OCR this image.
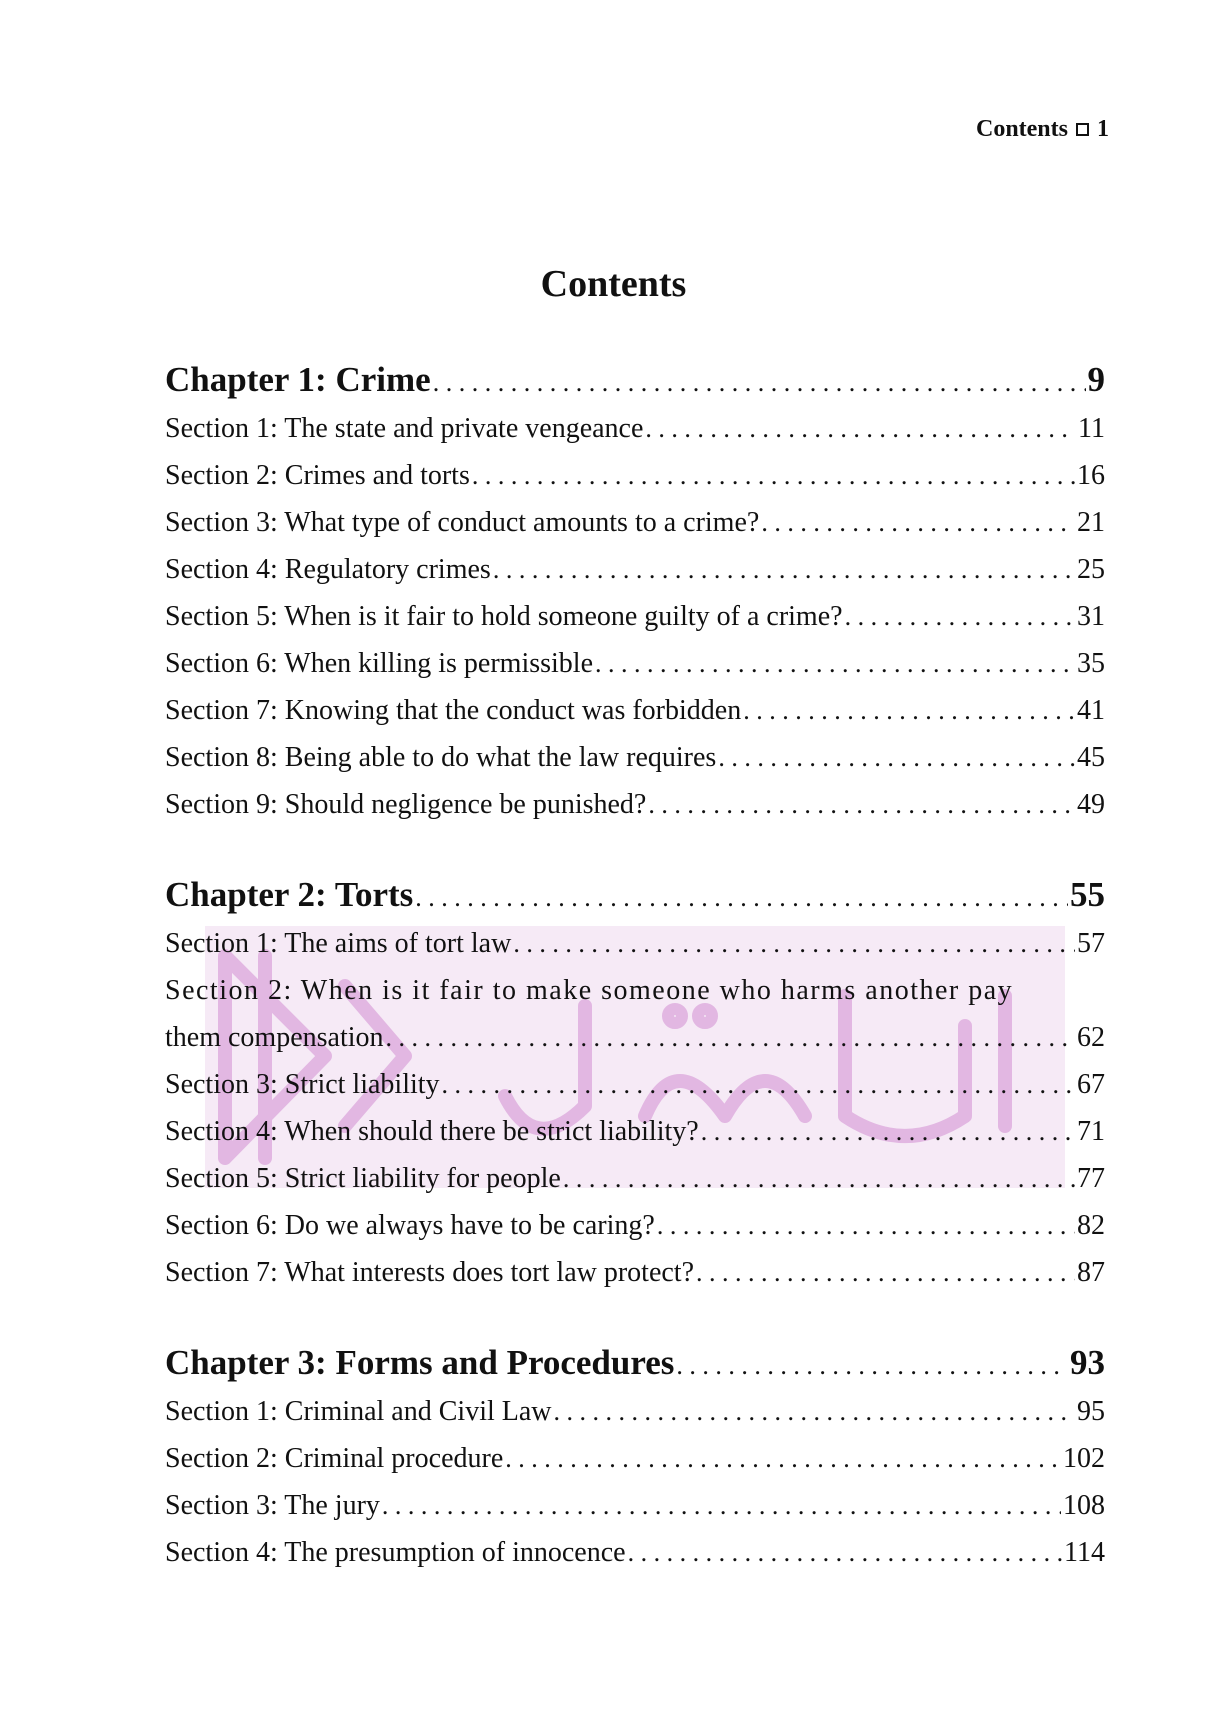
Contents 1
Contents
Chapter 1: Crime . . .	9
Section 1: The state and private vengeance . . .	11
Section 2: Crimes and torts . . .	16
Section 3: What type of conduct amounts to a crime? . . .	21
Section 4: Regulatory crimes . . .	25
Section 5: When is it fair to hold someone guilty of a crime? . . .	31
Section 6: When killing is permissible . . .	35
Section 7: Knowing that the conduct was forbidden . . .	41
Section 8: Being able to do what the law requires . . .	45
Section 9: Should negligence be punished? . . .	49
Chapter 2: Torts . . .	55
Section 1: The aims of tort law . . .	57
Section 2: When is it fair to make someone who harms another pay
them compensation . . .	62
Section 3: Strict liability . . .	67
Section 4: When should there be strict liability? . . .	71
Section 5: Strict liability for people . . .	77
Section 6: Do we always have to be caring? . . .	82
Section 7: What interests does tort law protect? . . .	87
Chapter 3: Forms and Procedures . . .	93
Section 1: Criminal and Civil Law . . .	95
Section 2: Criminal procedure . . .	102
Section 3: The jury . . .	108
Section 4: The presumption of innocence . . .	114
